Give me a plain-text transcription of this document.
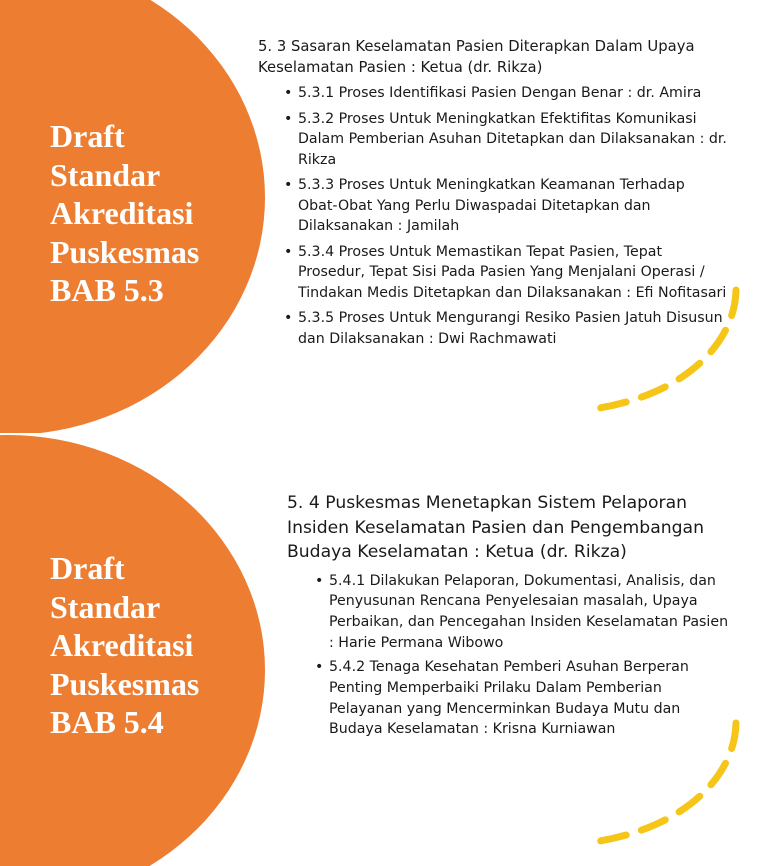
Draft
Standar
Akreditasi
Puskesmas
BAB 5.3

5. 3 Sasaran Keselamatan Pasien Diterapkan Dalam Upaya Keselamatan Pasien : Ketua (dr. Rikza)

• 5.3.1 Proses Identifikasi Pasien Dengan Benar : dr. Amira
• 5.3.2 Proses Untuk Meningkatkan Efektifitas Komunikasi Dalam Pemberian Asuhan Ditetapkan dan Dilaksanakan : dr. Rikza
• 5.3.3 Proses Untuk Meningkatkan Keamanan Terhadap Obat-Obat Yang Perlu Diwaspadai Ditetapkan dan Dilaksanakan : Jamilah
• 5.3.4 Proses Untuk Memastikan Tepat Pasien, Tepat Prosedur, Tepat Sisi Pada Pasien Yang Menjalani Operasi / Tindakan Medis Ditetapkan dan Dilaksanakan : Efi Nofitasari
• 5.3.5 Proses Untuk Mengurangi Resiko Pasien Jatuh Disusun dan Dilaksanakan : Dwi Rachmawati
Draft
Standar
Akreditasi
Puskesmas
BAB 5.4

5. 4 Puskesmas Menetapkan Sistem Pelaporan Insiden Keselamatan Pasien dan Pengembangan Budaya Keselamatan : Ketua (dr. Rikza)

• 5.4.1 Dilakukan Pelaporan, Dokumentasi, Analisis, dan Penyusunan Rencana Penyelesaian masalah, Upaya Perbaikan, dan Pencegahan Insiden Keselamatan Pasien : Harie Permana Wibowo
• 5.4.2 Tenaga Kesehatan Pemberi Asuhan Berperan Penting Memperbaiki Prilaku Dalam Pemberian Pelayanan yang Mencerminkan Budaya Mutu dan Budaya Keselamatan : Krisna Kurniawan
